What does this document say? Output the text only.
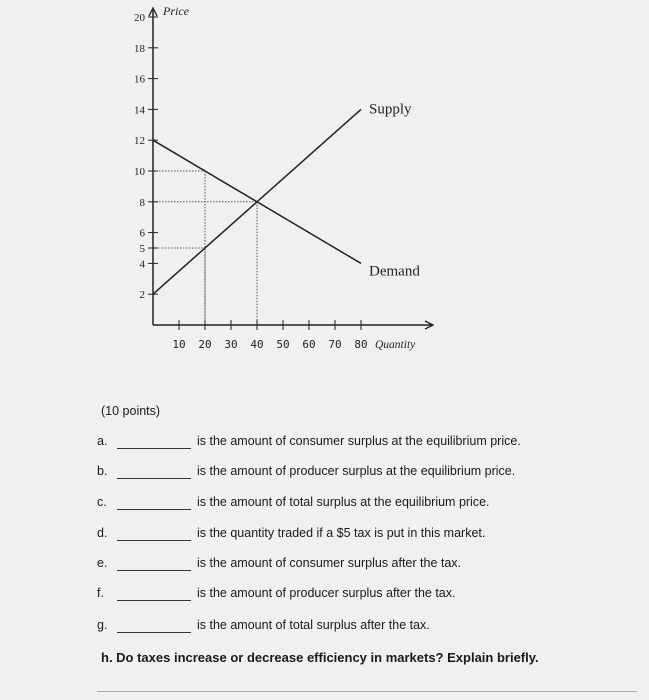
2
4
5
6
8
10
12
14
16
18
20
10 20 30 40 50 60 70 80
Supply
Demand
Price
Quantity
(10 points)
a.	is the amount of consumer surplus at the equilibrium price.
b.	is the amount of producer surplus at the equilibrium price.
c.	is the amount of total surplus at the equilibrium price.
d.	is the quantity traded if a $5 tax is put in this market.
e.	is the amount of consumer surplus after the tax.
f.	is the amount of producer surplus after the tax.
g.	is the amount of total surplus after the tax.
h. Do taxes increase or decrease efficiency in markets? Explain briefly.
